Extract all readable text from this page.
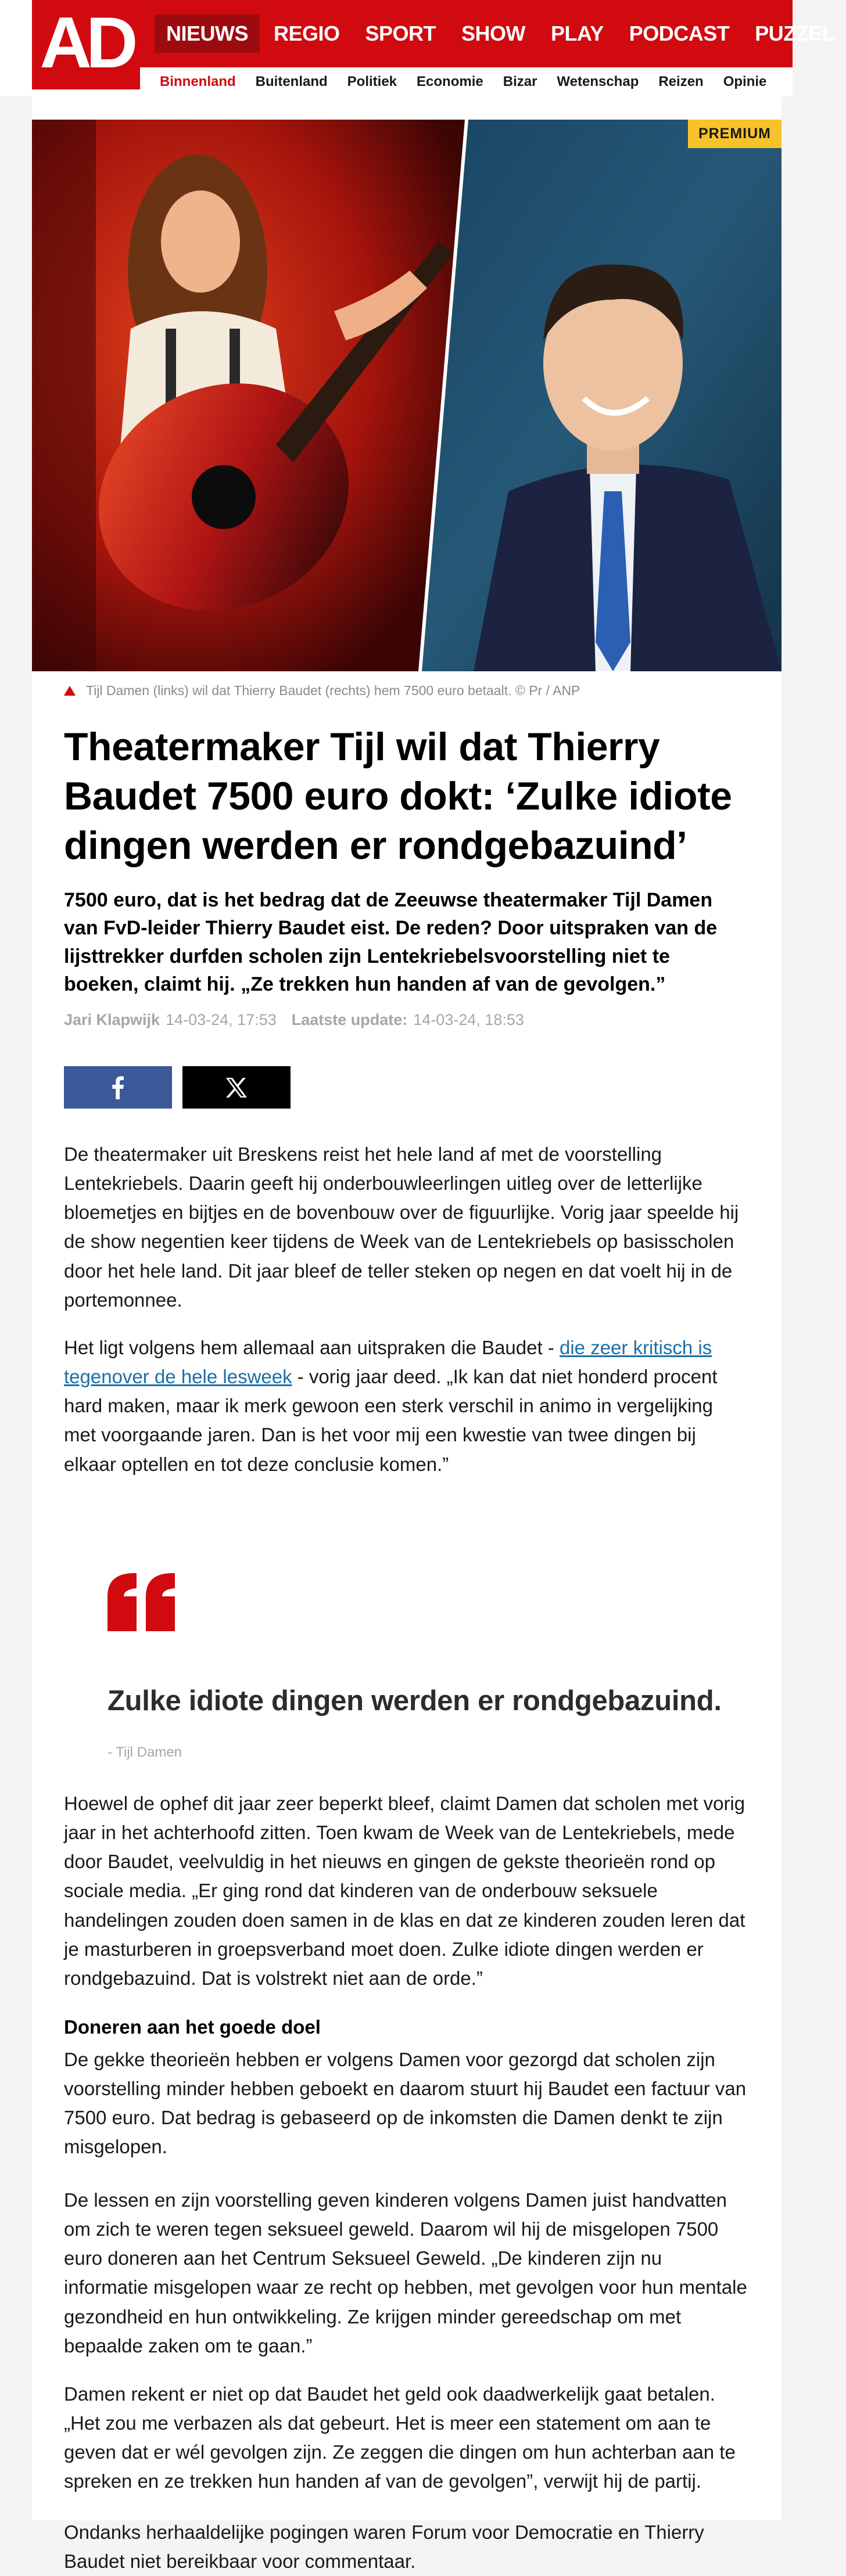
AD	NIEUWS	REGIO	SPORT	SHOW	PLAY	PODCAST	PUZZEL
Binnenland Buitenland Politiek Economie Bizar Wetenschap Reizen Opinie
PREMIUM
Tijl Damen (links) wil dat Thierry Baudet (rechts) hem 7500 euro betaalt. © Pr / ANP
Theatermaker Tijl wil dat Thierry Baudet 7500 euro dokt: ‘Zulke idiote dingen werden er rondgebazuind’

7500 euro, dat is het bedrag dat de Zeeuwse theatermaker Tijl Damen van FvD-leider Thierry Baudet eist. De reden? Door uitspraken van de lijsttrekker durfden scholen zijn Lentekriebelsvoorstelling niet te boeken, claimt hij. „Ze trekken hun handen af van de gevolgen.”

Jari Klapwijk 14-03-24, 17:53 Laatste update: 14-03-24, 18:53

De theatermaker uit Breskens reist het hele land af met de voorstelling Lentekriebels. Daarin geeft hij onderbouwleerlingen uitleg over de letterlijke bloemetjes en bijtjes en de bovenbouw over de figuurlijke. Vorig jaar speelde hij de show negentien keer tijdens de Week van de Lentekriebels op basisscholen door het hele land. Dit jaar bleef de teller steken op negen en dat voelt hij in de portemonnee.

Het ligt volgens hem allemaal aan uitspraken die Baudet - die zeer kritisch is tegenover de hele lesweek - vorig jaar deed. „Ik kan dat niet honderd procent hard maken, maar ik merk gewoon een sterk verschil in animo in vergelijking met voorgaande jaren. Dan is het voor mij een kwestie van twee dingen bij elkaar optellen en tot deze conclusie komen.”

Zulke idiote dingen werden er rondgebazuind.
- Tijl Damen

Hoewel de ophef dit jaar zeer beperkt bleef, claimt Damen dat scholen met vorig jaar in het achterhoofd zitten. Toen kwam de Week van de Lentekriebels, mede door Baudet, veelvuldig in het nieuws en gingen de gekste theorieën rond op sociale media. „Er ging rond dat kinderen van de onderbouw seksuele handelingen zouden doen samen in de klas en dat ze kinderen zouden leren dat je masturberen in groepsverband moet doen. Zulke idiote dingen werden er rondgebazuind. Dat is volstrekt niet aan de orde.”

Doneren aan het goede doel

De gekke theorieën hebben er volgens Damen voor gezorgd dat scholen zijn voorstelling minder hebben geboekt en daarom stuurt hij Baudet een factuur van 7500 euro. Dat bedrag is gebaseerd op de inkomsten die Damen denkt te zijn misgelopen.

De lessen en zijn voorstelling geven kinderen volgens Damen juist handvatten om zich te weren tegen seksueel geweld. Daarom wil hij de misgelopen 7500 euro doneren aan het Centrum Seksueel Geweld. „De kinderen zijn nu informatie misgelopen waar ze recht op hebben, met gevolgen voor hun mentale gezondheid en hun ontwikkeling. Ze krijgen minder gereedschap om met bepaalde zaken om te gaan.”

Damen rekent er niet op dat Baudet het geld ook daadwerkelijk gaat betalen. „Het zou me verbazen als dat gebeurt. Het is meer een statement om aan te geven dat er wél gevolgen zijn. Ze zeggen die dingen om hun achterban aan te spreken en ze trekken hun handen af van de gevolgen”, verwijt hij de partij.

Ondanks herhaaldelijke pogingen waren Forum voor Democratie en Thierry Baudet niet bereikbaar voor commentaar.
